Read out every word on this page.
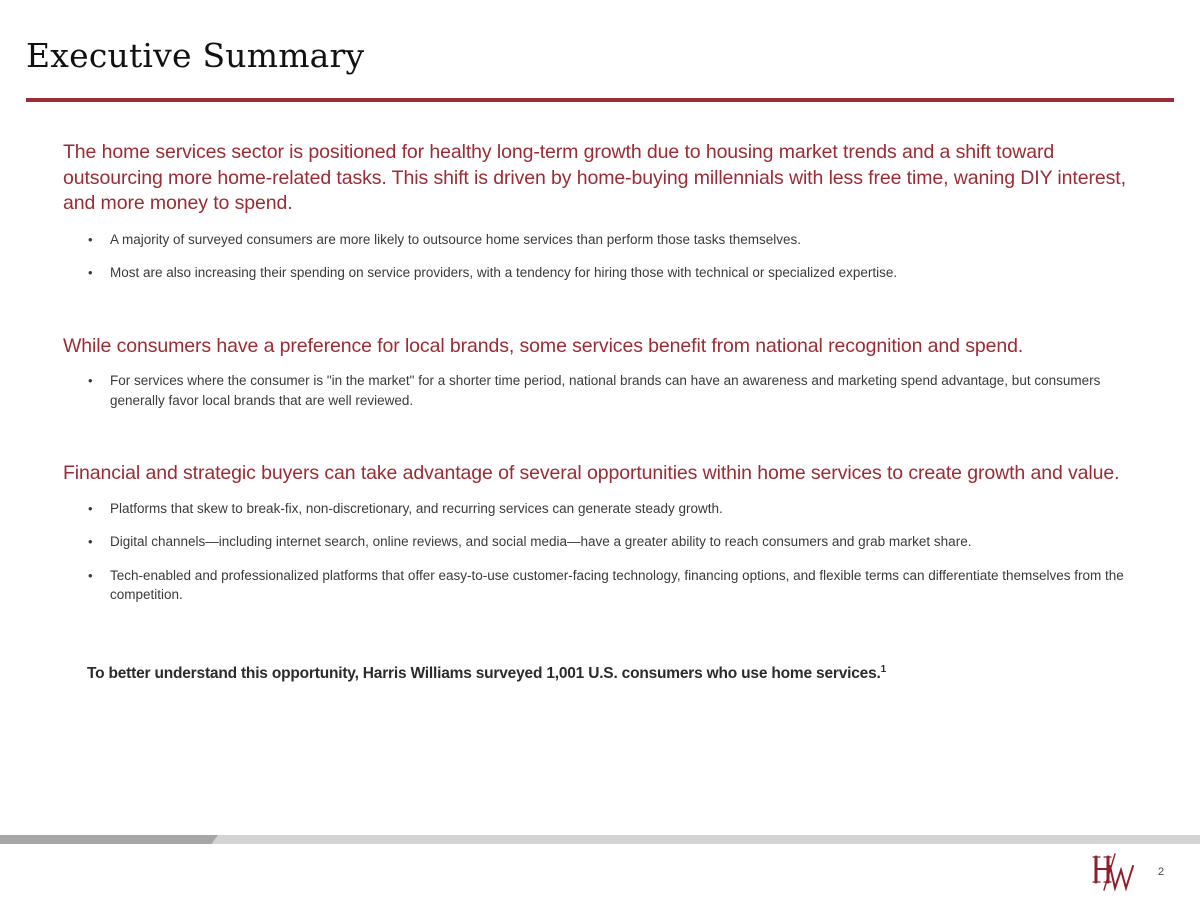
Executive Summary

The home services sector is positioned for healthy long-term growth due to housing market trends and a shift toward outsourcing more home-related tasks. This shift is driven by home-buying millennials with less free time, waning DIY interest, and more money to spend.

• A majority of surveyed consumers are more likely to outsource home services than perform those tasks themselves.
• Most are also increasing their spending on service providers, with a tendency for hiring those with technical or specialized expertise.

While consumers have a preference for local brands, some services benefit from national recognition and spend.

• For services where the consumer is "in the market" for a shorter time period, national brands can have an awareness and marketing spend advantage, but consumers generally favor local brands that are well reviewed.

Financial and strategic buyers can take advantage of several opportunities within home services to create growth and value.

• Platforms that skew to break-fix, non-discretionary, and recurring services can generate steady growth.
• Digital channels—including internet search, online reviews, and social media—have a greater ability to reach consumers and grab market share.
• Tech-enabled and professionalized platforms that offer easy-to-use customer-facing technology, financing options, and flexible terms can differentiate themselves from the competition.

To better understand this opportunity, Harris Williams surveyed 1,001 U.S. consumers who use home services.$^1$

2
